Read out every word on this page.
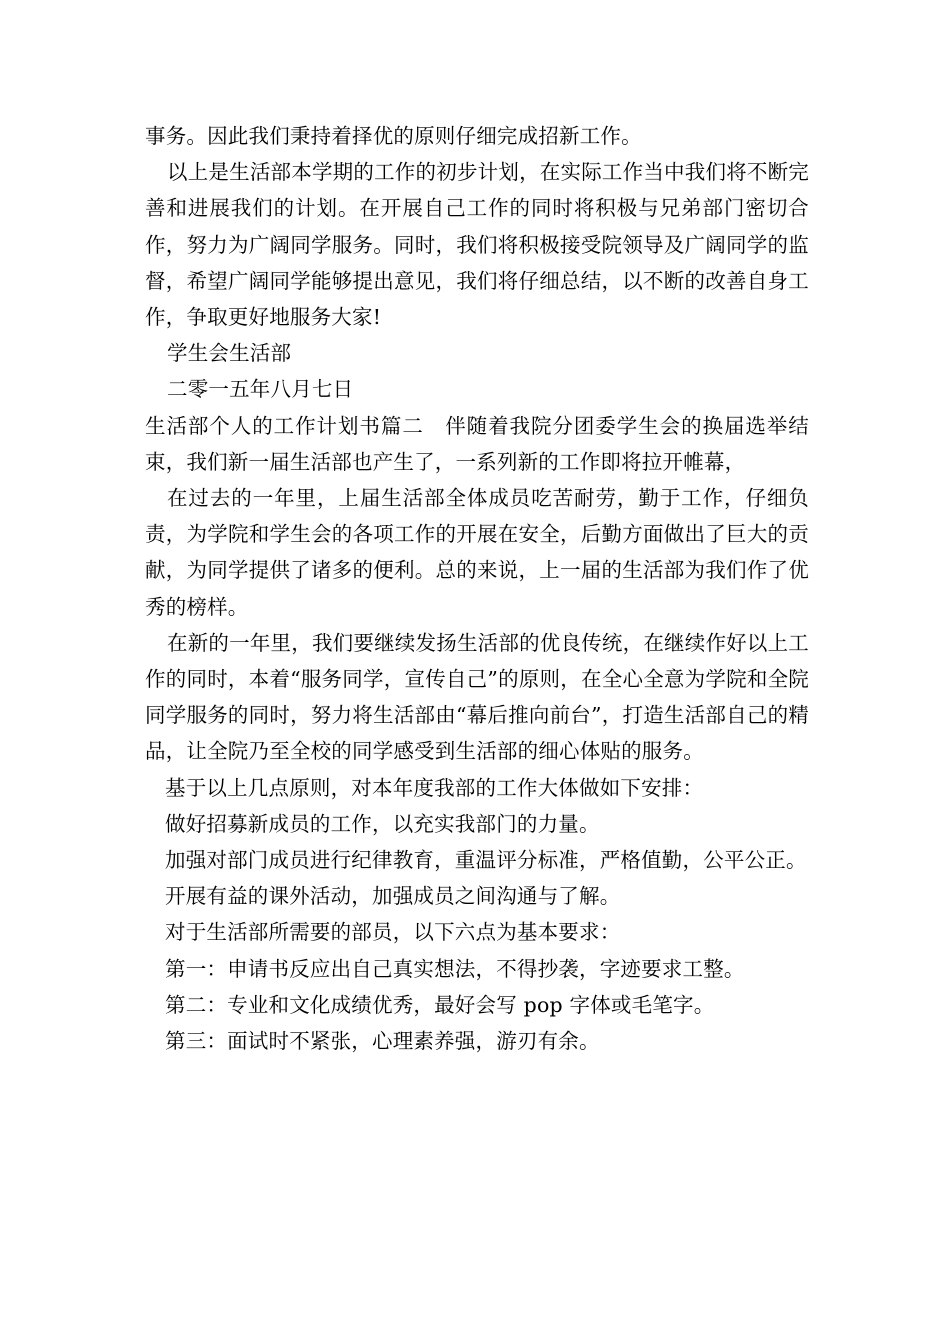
事务。因此我们秉持着择优的原则仔细完成招新工作。

以上是生活部本学期的工作的初步计划，在实际工作当中我们将不断完善和进展我们的计划。在开展自己工作的同时将积极与兄弟部门密切合作，努力为广阔同学服务。同时，我们将积极接受院领导及广阔同学的监督，希望广阔同学能够提出意见，我们将仔细总结，以不断的改善自身工作，争取更好地服务大家!

学生会生活部

二零一五年八月七日

生活部个人的工作计划书篇二　伴随着我院分团委学生会的换届选举结束，我们新一届生活部也产生了，一系列新的工作即将拉开帷幕，

在过去的一年里，上届生活部全体成员吃苦耐劳，勤于工作，仔细负责，为学院和学生会的各项工作的开展在安全，后勤方面做出了巨大的贡献，为同学提供了诸多的便利。总的来说，上一届的生活部为我们作了优秀的榜样。

在新的一年里，我们要继续发扬生活部的优良传统，在继续作好以上工作的同时，本着“服务同学，宣传自己”的原则，在全心全意为学院和全院同学服务的同时，努力将生活部由“幕后推向前台”，打造生活部自己的精品，让全院乃至全校的同学感受到生活部的细心体贴的服务。

基于以上几点原则，对本年度我部的工作大体做如下安排：

做好招募新成员的工作，以充实我部门的力量。

加强对部门成员进行纪律教育，重温评分标准，严格值勤，公平公正。

开展有益的课外活动，加强成员之间沟通与了解。

对于生活部所需要的部员，以下六点为基本要求：

第一：申请书反应出自己真实想法，不得抄袭，字迹要求工整。

第二：专业和文化成绩优秀，最好会写 pop 字体或毛笔字。

第三：面试时不紧张，心理素养强，游刃有余。
